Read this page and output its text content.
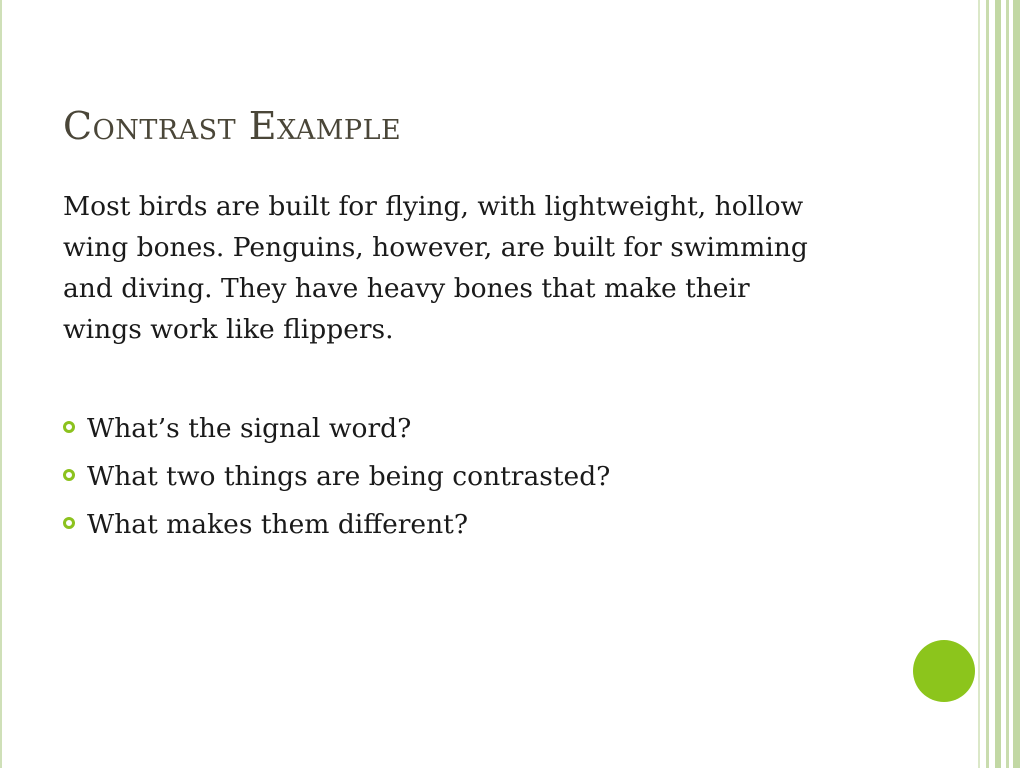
Contrast Example
Most birds are built for flying, with lightweight, hollow
wing bones. Penguins, however, are built for swimming
and diving. They have heavy bones that make their
wings work like flippers.
What’s the signal word?
What two things are being contrasted?
What makes them different?
